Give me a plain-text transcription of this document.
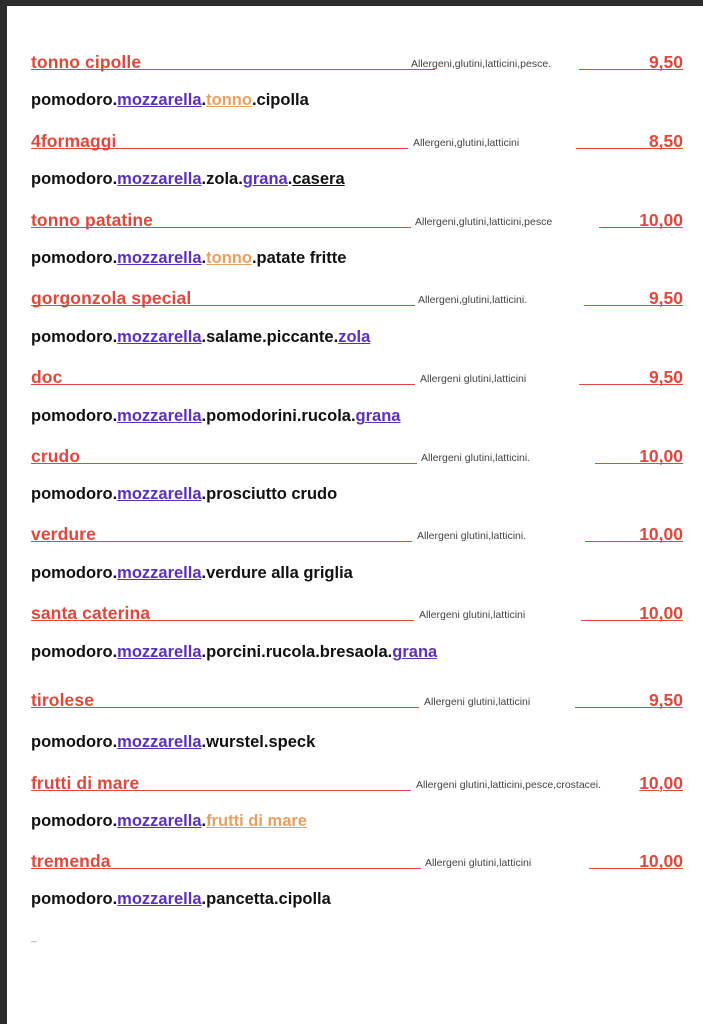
tonno cipolle	Allergeni,glutini,latticini,pesce.	9,50
pomodoro.mozzarella.tonno.cipolla
4formaggi	Allergeni,glutini,latticini	8,50
pomodoro.mozzarella.zola.grana.casera
tonno patatine	Allergeni,glutini,latticini,pesce	10,00
pomodoro.mozzarella.tonno.patate fritte
gorgonzola special	Allergeni,glutini,latticini.	9,50
pomodoro.mozzarella.salame.piccante.zola
doc	Allergeni glutini,latticini	9,50
pomodoro.mozzarella.pomodorini.rucola.grana
crudo	Allergeni glutini,latticini.	10,00
pomodoro.mozzarella.prosciutto crudo
verdure	Allergeni glutini,latticini.	10,00
pomodoro.mozzarella.verdure alla griglia
santa caterina	Allergeni glutini,latticini	10,00
pomodoro.mozzarella.porcini.rucola.bresaola.grana
tirolese	Allergeni glutini,latticini	9,50
pomodoro.mozzarella.wurstel.speck
frutti di mare	Allergeni glutini,latticini,pesce,crostacei. 10,00
pomodoro.mozzarella.frutti di mare
tremenda	Allergeni glutini,latticini	10,00
pomodoro.mozzarella.pancetta.cipolla
_
